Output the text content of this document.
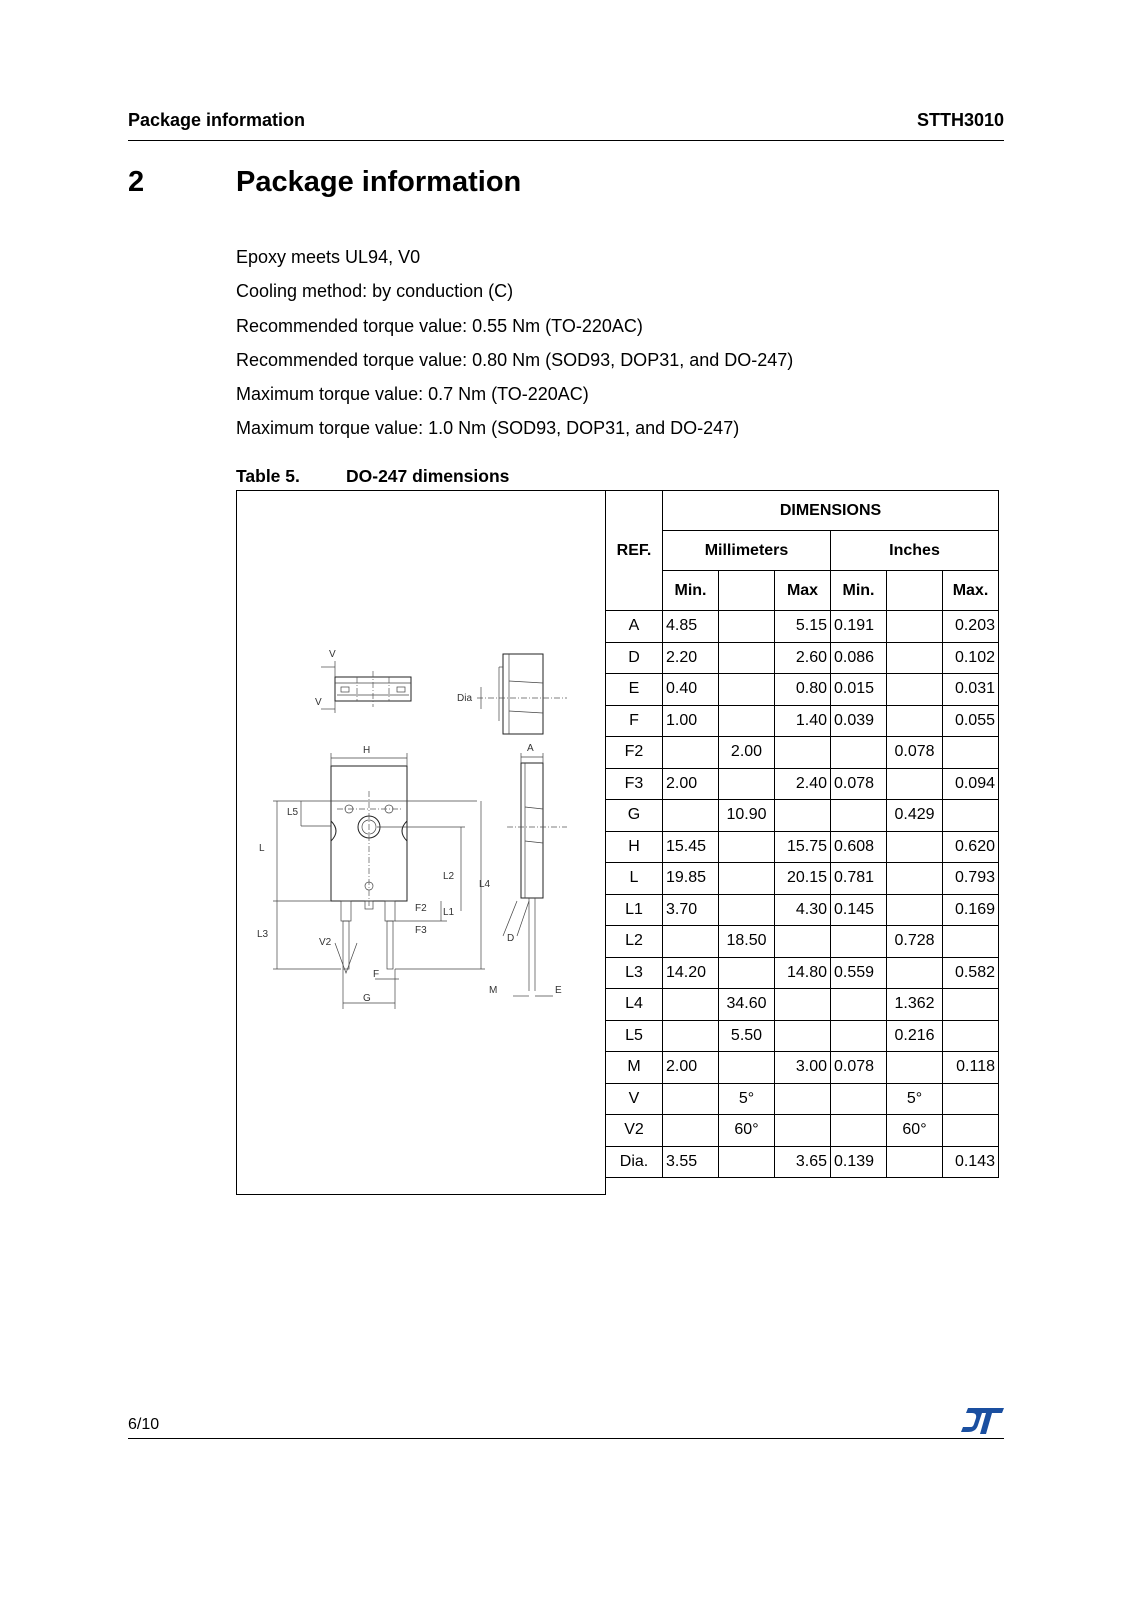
Package information	STTH3010
2	Package information
Epoxy meets UL94, V0
Cooling method: by conduction (C)
Recommended torque value: 0.55 Nm (TO-220AC)
Recommended torque value: 0.80 Nm (SOD93, DOP31, and DO-247)
Maximum torque value: 0.7 Nm (TO-220AC)
Maximum torque value: 1.0 Nm (SOD93, DOP31, and DO-247)
Table 5.	DO-247 dimensions
V
V	Dia
H
L5
L
L3
V2
L2
L4
F2 L1
F3
F
G
A
D
M	E
REF.	DIMENSIONS					
	Millimeters			Inches		
	Min.		Max	Min.		Max.
A	4.85		5.15	0.191		0.203
D	2.20		2.60	0.086		0.102
E	0.40		0.80	0.015		0.031
F	1.00		1.40	0.039		0.055
F2		2.00			0.078	
F3	2.00		2.40	0.078		0.094
G		10.90			0.429	
H	15.45		15.75	0.608		0.620
L	19.85		20.15	0.781		0.793
L1	3.70		4.30	0.145		0.169
L2		18.50			0.728	
L3	14.20		14.80	0.559		0.582
L4		34.60			1.362	
L5		5.50			0.216	
M	2.00		3.00	0.078		0.118
V		5°			5°	
V2		60°			60°	
Dia.	3.55		3.65	0.139		0.143
6/10
